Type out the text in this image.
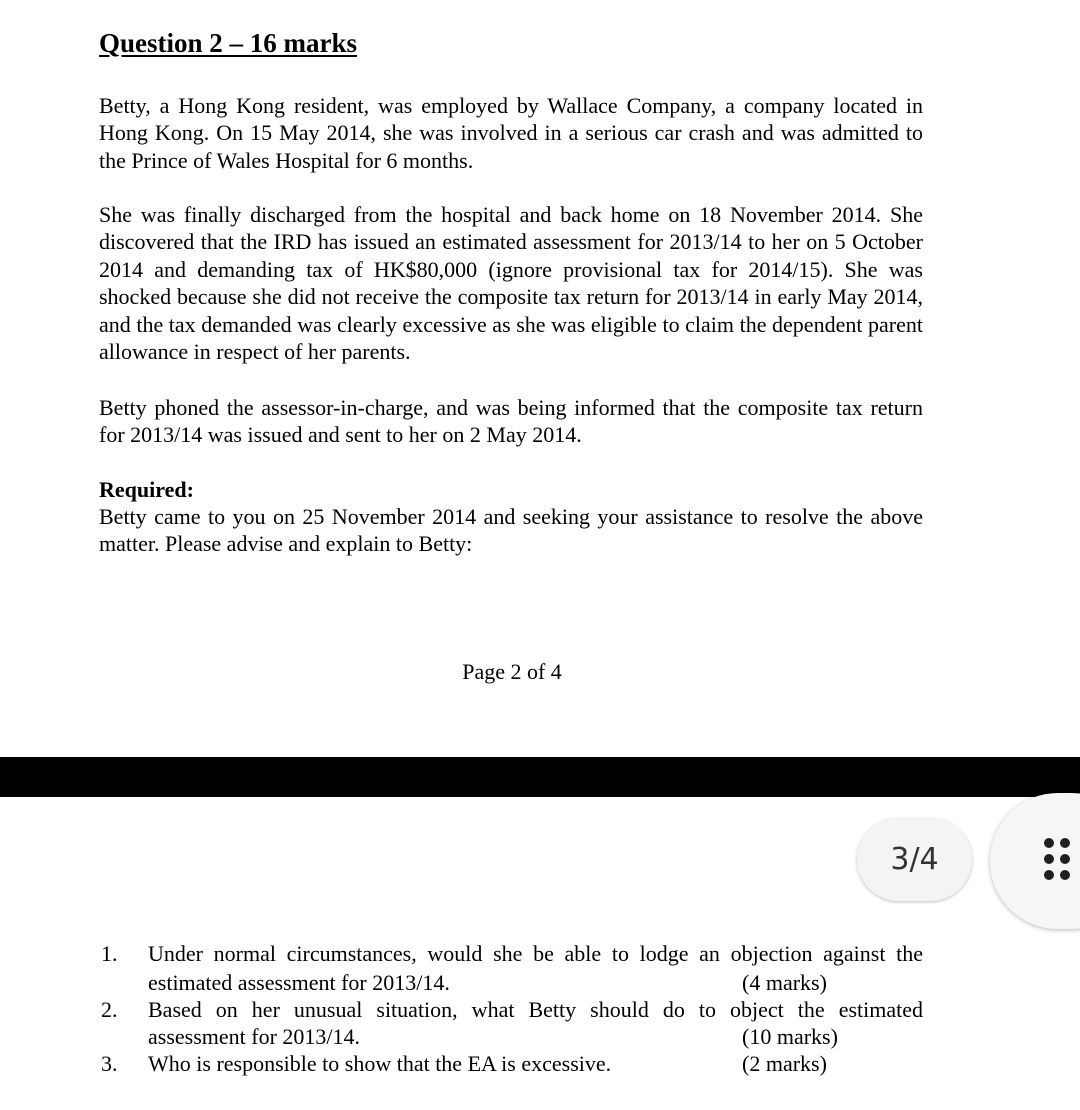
Question 2 – 16 marks

Betty, a Hong Kong resident, was employed by Wallace Company, a company located in Hong Kong. On 15 May 2014, she was involved in a serious car crash and was admitted to the Prince of Wales Hospital for 6 months.

She was finally discharged from the hospital and back home on 18 November 2014. She discovered that the IRD has issued an estimated assessment for 2013/14 to her on 5 October 2014 and demanding tax of HK$80,000 (ignore provisional tax for 2014/15). She was shocked because she did not receive the composite tax return for 2013/14 in early May 2014, and the tax demanded was clearly excessive as she was eligible to claim the dependent parent allowance in respect of her parents.

Betty phoned the assessor-in-charge, and was being informed that the composite tax return for 2013/14 was issued and sent to her on 2 May 2014.

Required:

Betty came to you on 25 November 2014 and seeking your assistance to resolve the above matter. Please advise and explain to Betty:

Page 2 of 4
3/4
1. Under normal circumstances, would she be able to lodge an objection against the
estimated assessment for 2013/14.	(4 marks)
2. Based on her unusual situation, what Betty should do to object the estimated
assessment for 2013/14.	(10 marks)
3. Who is responsible to show that the EA is excessive.	(2 marks)
